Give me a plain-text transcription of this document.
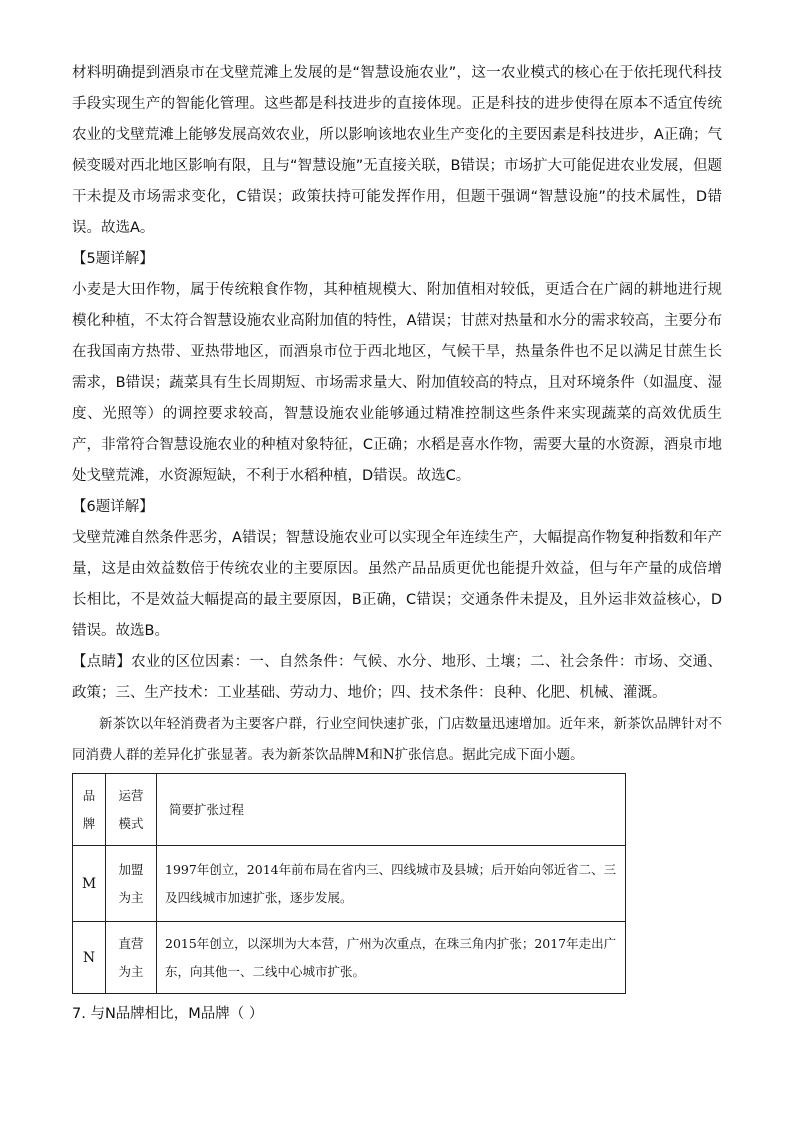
材料明确提到酒泉市在戈壁荒滩上发展的是“智慧设施农业”，这一农业模式的核心在于依托现代科技手段实现生产的智能化管理。这些都是科技进步的直接体现。正是科技的进步使得在原本不适宜传统农业的戈壁荒滩上能够发展高效农业，所以影响该地农业生产变化的主要因素是科技进步，A正确；气候变暖对西北地区影响有限，且与“智慧设施”无直接关联，B错误；市场扩大可能促进农业发展，但题干未提及市场需求变化，C错误；政策扶持可能发挥作用，但题干强调“智慧设施”的技术属性，D错误。故选A。

【5题详解】

小麦是大田作物，属于传统粮食作物，其种植规模大、附加值相对较低，更适合在广阔的耕地进行规模化种植，不太符合智慧设施农业高附加值的特性，A错误；甘蔗对热量和水分的需求较高，主要分布在我国南方热带、亚热带地区，而酒泉市位于西北地区，气候干旱，热量条件也不足以满足甘蔗生长需求，B错误；蔬菜具有生长周期短、市场需求量大、附加值较高的特点，且对环境条件（如温度、湿度、光照等）的调控要求较高，智慧设施农业能够通过精准控制这些条件来实现蔬菜的高效优质生产，非常符合智慧设施农业的种植对象特征，C正确；水稻是喜水作物，需要大量的水资源，酒泉市地处戈壁荒滩，水资源短缺，不利于水稻种植，D错误。故选C。

【6题详解】

戈壁荒滩自然条件恶劣，A错误；智慧设施农业可以实现全年连续生产，大幅提高作物复种指数和年产量，这是由效益数倍于传统农业的主要原因。虽然产品品质更优也能提升效益，但与年产量的成倍增长相比，不是效益大幅提高的最主要原因，B正确，C错误；交通条件未提及，且外运非效益核心，D错误。故选B。

【点睛】农业的区位因素：一、自然条件：气候、水分、地形、土壤；二、社会条件：市场、交通、政策；三、生产技术：工业基础、劳动力、地价；四、技术条件：良种、化肥、机械、灌溉。

新茶饮以年轻消费者为主要客户群，行业空间快速扩张，门店数量迅速增加。近年来，新茶饮品牌针对不同消费人群的差异化扩张显著。表为新茶饮品牌M和N扩张信息。据此完成下面小题。

品牌	运营模式	简要扩张过程
M	加盟为主	1997年创立，2014年前布局在省内三、四线城市及县城；后开始向邻近省二、三及四线城市加速扩张，逐步发展。
N	直营为主	2015年创立，以深圳为大本营，广州为次重点，在珠三角内扩张；2017年走出广东，向其他一、二线中心城市扩张。
7. 与N品牌相比，M品牌（ ）
